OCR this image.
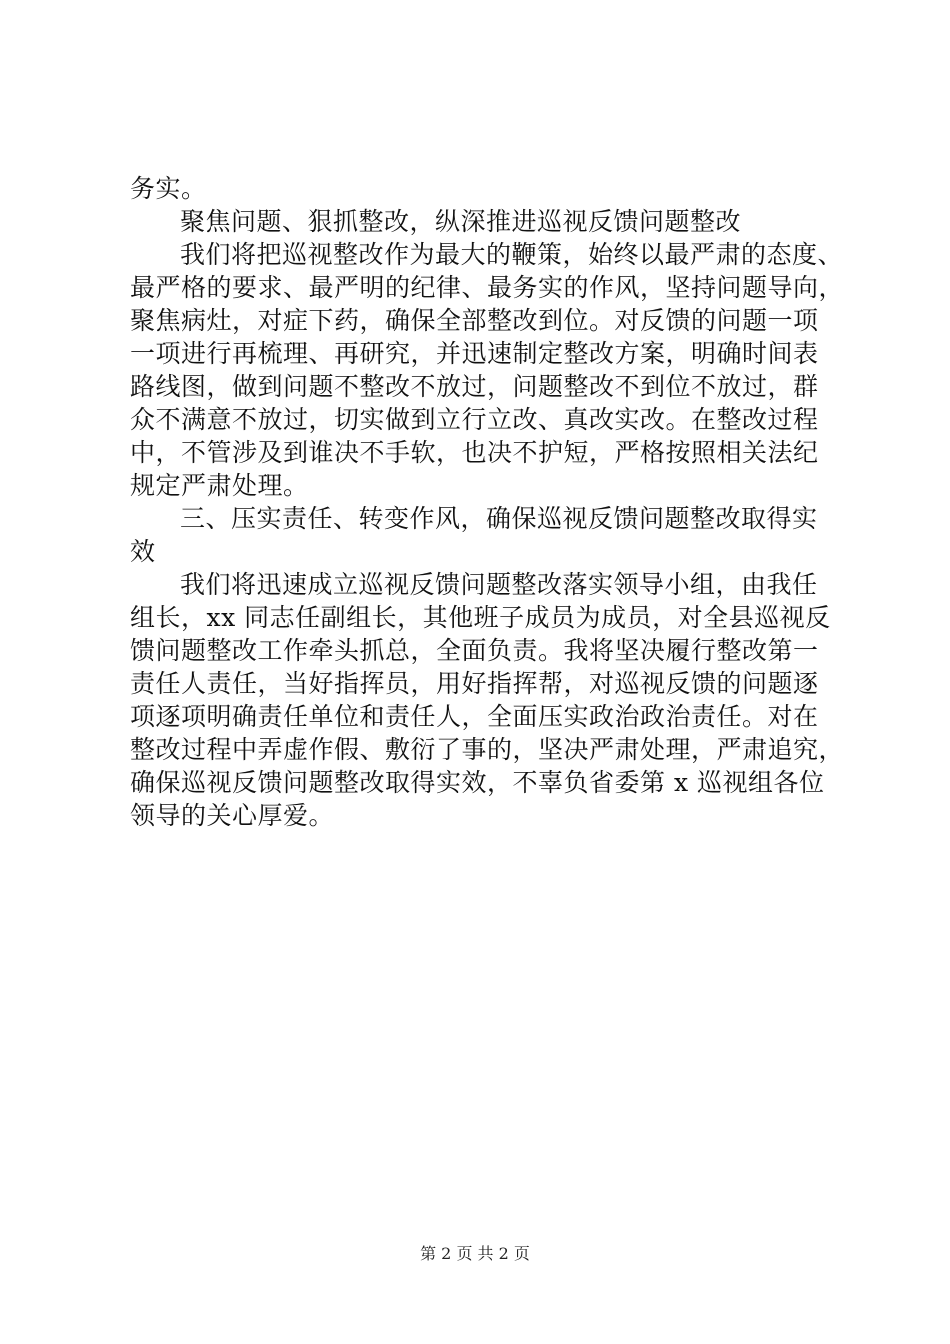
务实。
聚焦问题、狠抓整改，纵深推进巡视反馈问题整改
我们将把巡视整改作为最大的鞭策，始终以最严肃的态度、
最严格的要求、最严明的纪律、最务实的作风，坚持问题导向，
聚焦病灶，对症下药，确保全部整改到位。对反馈的问题一项
一项进行再梳理、再研究，并迅速制定整改方案，明确时间表
路线图，做到问题不整改不放过，问题整改不到位不放过，群
众不满意不放过，切实做到立行立改、真改实改。在整改过程
中，不管涉及到谁决不手软，也决不护短，严格按照相关法纪
规定严肃处理。
三、压实责任、转变作风，确保巡视反馈问题整改取得实
效
我们将迅速成立巡视反馈问题整改落实领导小组，由我任
组长，xx 同志任副组长，其他班子成员为成员，对全县巡视反
馈问题整改工作牵头抓总，全面负责。我将坚决履行整改第一
责任人责任，当好指挥员，用好指挥帮，对巡视反馈的问题逐
项逐项明确责任单位和责任人，全面压实政治政治责任。对在
整改过程中弄虚作假、敷衍了事的，坚决严肃处理，严肃追究，
确保巡视反馈问题整改取得实效，不辜负省委第 x 巡视组各位
领导的关心厚爱。
第 2 页 共 2 页
